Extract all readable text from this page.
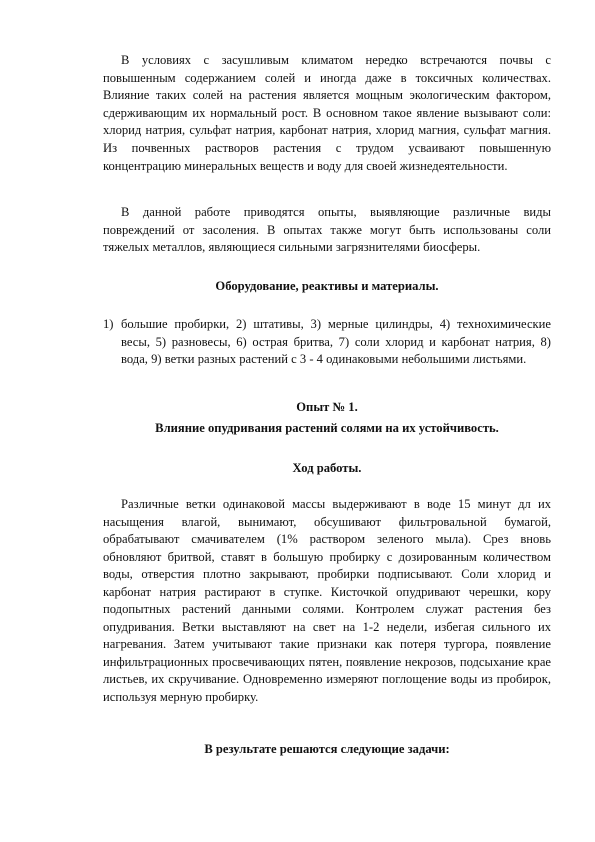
В условиях с засушливым климатом нередко встречаются почвы с повышенным содержанием солей и иногда даже в токсичных количествах. Влияние таких солей на растения является мощным экологическим фактором, сдерживающим их нормальный рост. В основном такое явление вызывают соли: хлорид натрия, сульфат натрия, карбонат натрия, хлорид магния, сульфат магния. Из почвенных растворов растения с трудом усваивают повышенную концентрацию минеральных веществ и воду для своей жизнедеятельности.

В данной работе приводятся опыты, выявляющие различные виды повреждений от засоления. В опытах также могут быть использованы соли тяжелых металлов, являющиеся сильными загрязнителями биосферы.

Оборудование, реактивы и материалы.

1) большие пробирки, 2) штативы, 3) мерные цилиндры, 4) технохимические весы, 5) разновесы, 6) острая бритва, 7) соли хлорид и карбонат натрия, 8) вода, 9) ветки разных растений с 3 - 4 одинаковыми небольшими листьями.

Опыт № 1.

Влияние опудривания растений солями на их устойчивость.

Ход работы.

Различные ветки одинаковой массы выдерживают в воде 15 минут дл их насыщения влагой, вынимают, обсушивают фильтровальной бумагой, обрабатывают смачивателем (1% раствором зеленого мыла). Срез вновь обновляют бритвой, ставят в большую пробирку с дозированным количеством воды, отверстия плотно закрывают, пробирки подписывают. Соли хлорид и карбонат натрия растирают в ступке. Кисточкой опудривают черешки, кору подопытных растений данными солями. Контролем служат растения без опудривания. Ветки выставляют на свет на 1-2 недели, избегая сильного их нагревания. Затем учитывают такие признаки как потеря тургора, появление инфильтрационных просвечивающих пятен, появление некрозов, подсыхание крае листьев, их скручивание. Одновременно измеряют поглощение воды из пробирок, используя мерную пробирку.

В результате решаются следующие задачи:
